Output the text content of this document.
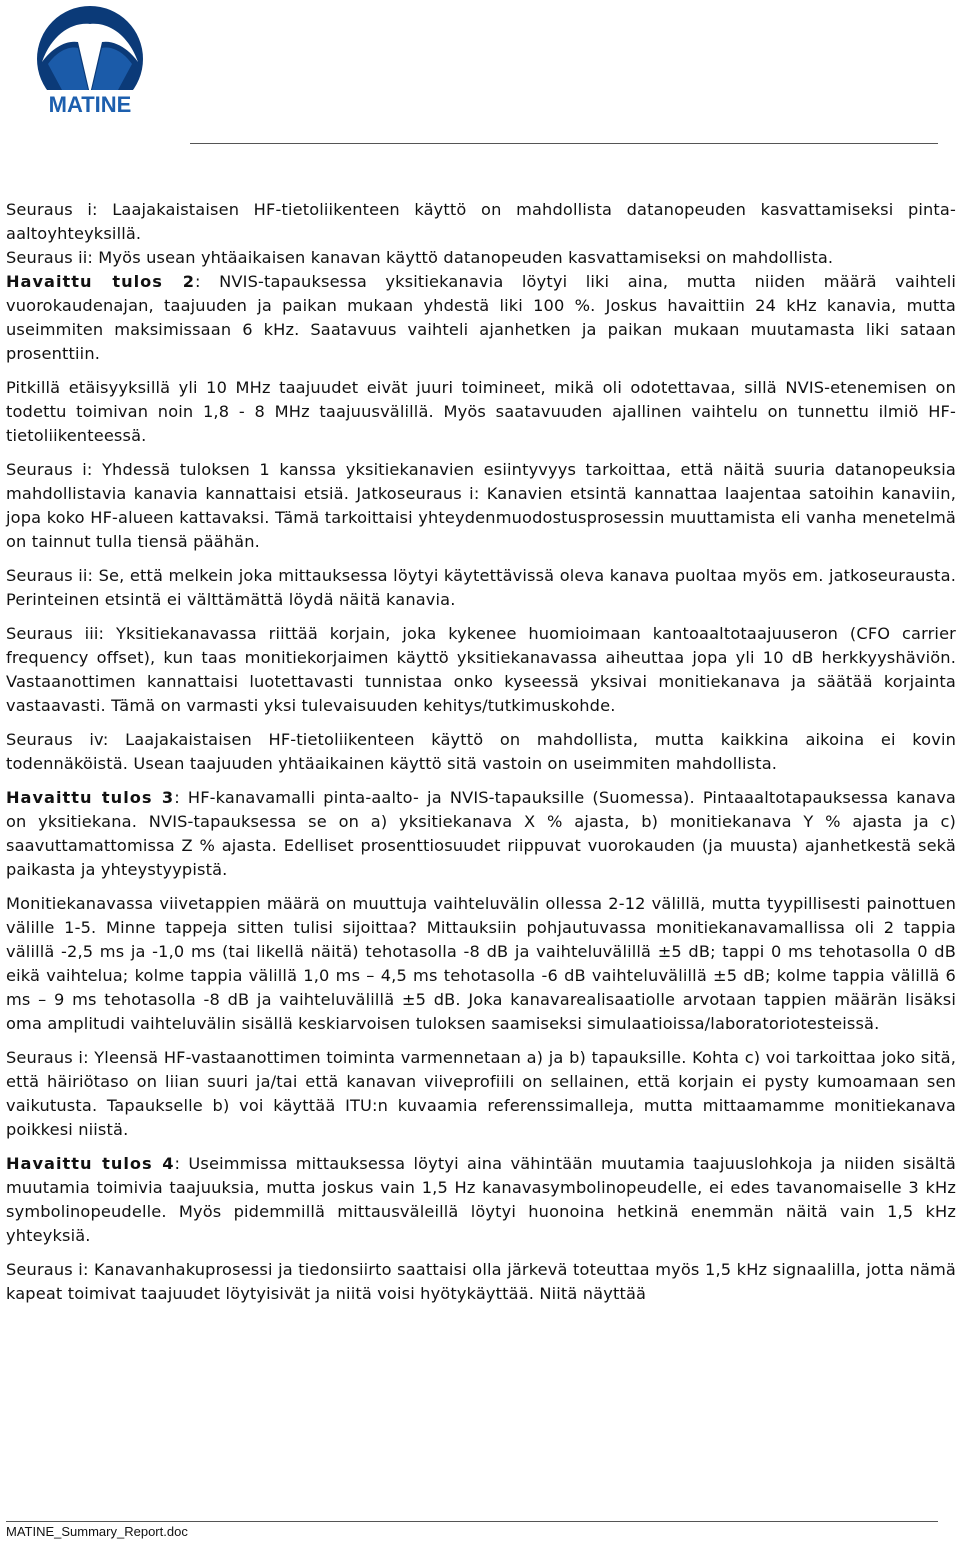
MATINE

Seuraus i: Laajakaistaisen HF-tietoliikenteen käyttö on mahdollista datanopeuden kasvattamiseksi pinta-aaltoyhteyksillä.

Seuraus ii: Myös usean yhtäaikaisen kanavan käyttö datanopeuden kasvattamiseksi on mahdollista.

Havaittu tulos 2: NVIS-tapauksessa yksitiekanavia löytyi liki aina, mutta niiden määrä vaihteli vuorokaudenajan, taajuuden ja paikan mukaan yhdestä liki 100 %. Joskus havaittiin 24 kHz kanavia, mutta useimmiten maksimissaan 6 kHz. Saatavuus vaihteli ajanhetken ja paikan mukaan muutamasta liki sataan prosenttiin.

Pitkillä etäisyyksillä yli 10 MHz taajuudet eivät juuri toimineet, mikä oli odotettavaa, sillä NVIS-etenemisen on todettu toimivan noin 1,8 - 8 MHz taajuusvälillä. Myös saatavuuden ajallinen vaihtelu on tunnettu ilmiö HF-tietoliikenteessä.

Seuraus i: Yhdessä tuloksen 1 kanssa yksitiekanavien esiintyvyys tarkoittaa, että näitä suuria datanopeuksia mahdollistavia kanavia kannattaisi etsiä. Jatkoseuraus i: Kanavien etsintä kannattaa laajentaa satoihin kanaviin, jopa koko HF-alueen kattavaksi. Tämä tarkoittaisi yhteydenmuodostusprosessin muuttamista eli vanha menetelmä on tainnut tulla tiensä päähän.

Seuraus ii: Se, että melkein joka mittauksessa löytyi käytettävissä oleva kanava puoltaa myös em. jatkoseurausta. Perinteinen etsintä ei välttämättä löydä näitä kanavia.

Seuraus iii: Yksitiekanavassa riittää korjain, joka kykenee huomioimaan kantoaaltotaajuuseron (CFO carrier frequency offset), kun taas monitiekorjaimen käyttö yksitiekanavassa aiheuttaa jopa yli 10 dB herkkyyshäviön. Vastaanottimen kannattaisi luotettavasti tunnistaa onko kyseessä yksivai monitiekanava ja säätää korjainta vastaavasti. Tämä on varmasti yksi tulevaisuuden kehitys/tutkimuskohde.

Seuraus iv: Laajakaistaisen HF-tietoliikenteen käyttö on mahdollista, mutta kaikkina aikoina ei kovin todennäköistä. Usean taajuuden yhtäaikainen käyttö sitä vastoin on useimmiten mahdollista.

Havaittu tulos 3: HF-kanavamalli pinta-aalto- ja NVIS-tapauksille (Suomessa). Pintaaaltotapauksessa kanava on yksitiekana. NVIS-tapauksessa se on a) yksitiekanava X % ajasta, b) monitiekanava Y % ajasta ja c) saavuttamattomissa Z % ajasta. Edelliset prosenttiosuudet riippuvat vuorokauden (ja muusta) ajanhetkestä sekä paikasta ja yhteystyypistä.

Monitiekanavassa viivetappien määrä on muuttuja vaihteluvälin ollessa 2-12 välillä, mutta tyypillisesti painottuen välille 1-5. Minne tappeja sitten tulisi sijoittaa? Mittauksiin pohjautuvassa monitiekanavamallissa oli 2 tappia välillä -2,5 ms ja -1,0 ms (tai likellä näitä) tehotasolla -8 dB ja vaihteluvälillä ±5 dB; tappi 0 ms tehotasolla 0 dB eikä vaihtelua; kolme tappia välillä 1,0 ms – 4,5 ms tehotasolla -6 dB vaihteluvälillä ±5 dB; kolme tappia välillä 6 ms – 9 ms tehotasolla -8 dB ja vaihteluvälillä ±5 dB. Joka kanavarealisaatiolle arvotaan tappien määrän lisäksi oma amplitudi vaihteluvälin sisällä keskiarvoisen tuloksen saamiseksi simulaatioissa/laboratoriotesteissä.

Seuraus i: Yleensä HF-vastaanottimen toiminta varmennetaan a) ja b) tapauksille. Kohta c) voi tarkoittaa joko sitä, että häiriötaso on liian suuri ja/tai että kanavan viiveprofiili on sellainen, että korjain ei pysty kumoamaan sen vaikutusta. Tapaukselle b) voi käyttää ITU:n kuvaamia referenssimalleja, mutta mittaamamme monitiekanava poikkesi niistä.

Havaittu tulos 4: Useimmissa mittauksessa löytyi aina vähintään muutamia taajuuslohkoja ja niiden sisältä muutamia toimivia taajuuksia, mutta joskus vain 1,5 Hz kanavasymbolinopeudelle, ei edes tavanomaiselle 3 kHz symbolinopeudelle. Myös pidemmillä mittausväleillä löytyi huonoina hetkinä enemmän näitä vain 1,5 kHz yhteyksiä.

Seuraus i: Kanavanhakuprosessi ja tiedonsiirto saattaisi olla järkevä toteuttaa myös 1,5 kHz signaalilla, jotta nämä kapeat toimivat taajuudet löytyisivät ja niitä voisi hyötykäyttää. Niitä näyttää

MATINE_Summary_Report.doc
